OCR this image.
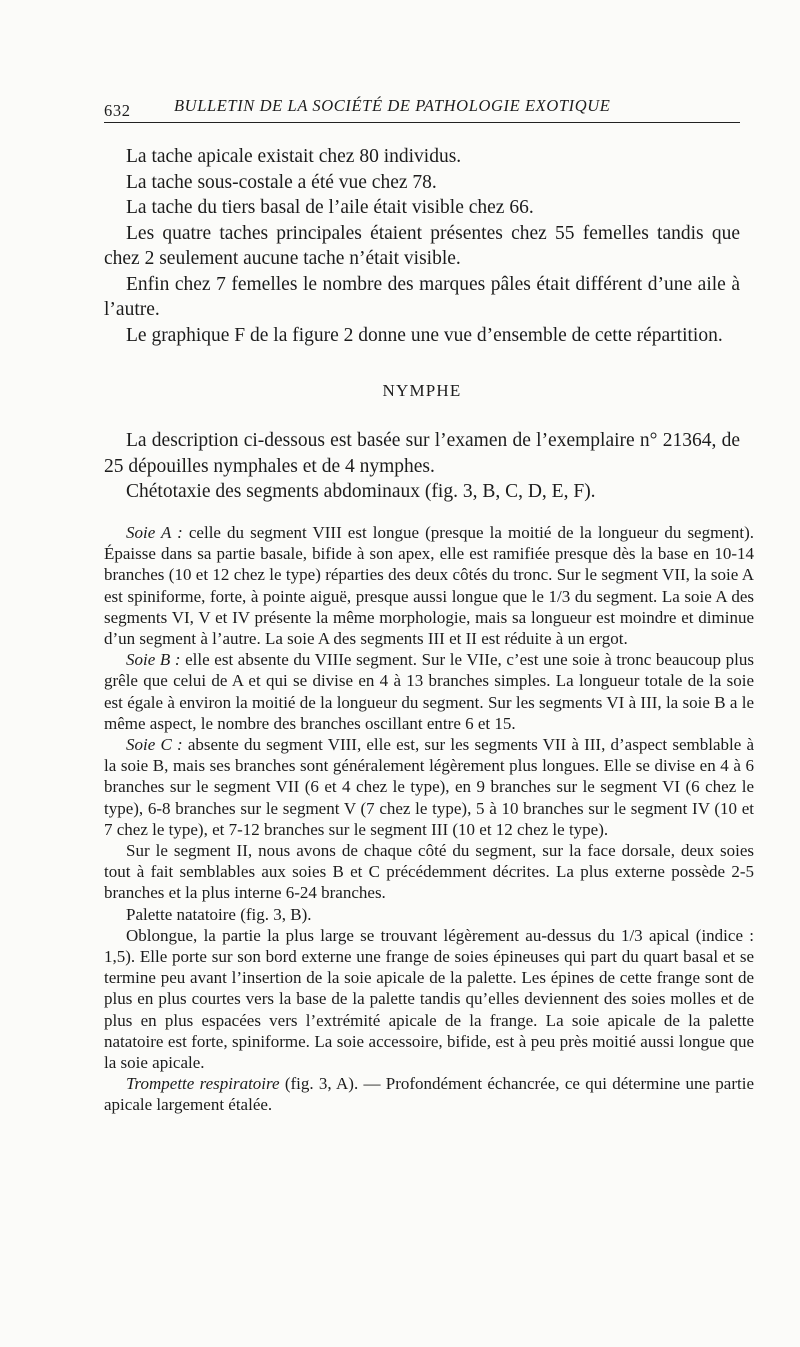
632	BULLETIN DE LA SOCIÉTÉ DE PATHOLOGIE EXOTIQUE

La tache apicale existait chez 80 individus.

La tache sous-costale a été vue chez 78.

La tache du tiers basal de l’aile était visible chez 66.

Les quatre taches principales étaient présentes chez 55 femelles tandis que chez 2 seulement aucune tache n’était visible.

Enfin chez 7 femelles le nombre des marques pâles était différent d’une aile à l’autre.

Le graphique F de la figure 2 donne une vue d’ensemble de cette répartition.

NYMPHE

La description ci-dessous est basée sur l’examen de l’exemplaire n° 21364, de 25 dépouilles nymphales et de 4 nymphes.

Chétotaxie des segments abdominaux (fig. 3, B, C, D, E, F).

Soie A : celle du segment VIII est longue (presque la moitié de la longueur du segment). Épaisse dans sa partie basale, bifide à son apex, elle est ramifiée presque dès la base en 10-14 branches (10 et 12 chez le type) réparties des deux côtés du tronc. Sur le segment VII, la soie A est spiniforme, forte, à pointe aiguë, presque aussi longue que le 1/3 du segment. La soie A des segments VI, V et IV présente la même morphologie, mais sa longueur est moindre et diminue d’un segment à l’autre. La soie A des segments III et II est réduite à un ergot.

Soie B : elle est absente du VIIIe segment. Sur le VIIe, c’est une soie à tronc beaucoup plus grêle que celui de A et qui se divise en 4 à 13 branches simples. La longueur totale de la soie est égale à environ la moitié de la longueur du segment. Sur les segments VI à III, la soie B a le même aspect, le nombre des branches oscillant entre 6 et 15.

Soie C : absente du segment VIII, elle est, sur les segments VII à III, d’aspect semblable à la soie B, mais ses branches sont généralement légèrement plus longues. Elle se divise en 4 à 6 branches sur le segment VII (6 et 4 chez le type), en 9 branches sur le segment VI (6 chez le type), 6-8 branches sur le segment V (7 chez le type), 5 à 10 branches sur le segment IV (10 et 7 chez le type), et 7-12 branches sur le segment III (10 et 12 chez le type).

Sur le segment II, nous avons de chaque côté du segment, sur la face dorsale, deux soies tout à fait semblables aux soies B et C précédemment décrites. La plus externe possède 2-5 branches et la plus interne 6-24 branches.

Palette natatoire (fig. 3, B).

Oblongue, la partie la plus large se trouvant légèrement au-dessus du 1/3 apical (indice : 1,5). Elle porte sur son bord externe une frange de soies épineuses qui part du quart basal et se termine peu avant l’insertion de la soie apicale de la palette. Les épines de cette frange sont de plus en plus courtes vers la base de la palette tandis qu’elles deviennent des soies molles et de plus en plus espacées vers l’extrémité apicale de la frange. La soie apicale de la palette natatoire est forte, spiniforme. La soie accessoire, bifide, est à peu près moitié aussi longue que la soie apicale.

Trompette respiratoire (fig. 3, A). — Profondément échancrée, ce qui détermine une partie apicale largement étalée.
